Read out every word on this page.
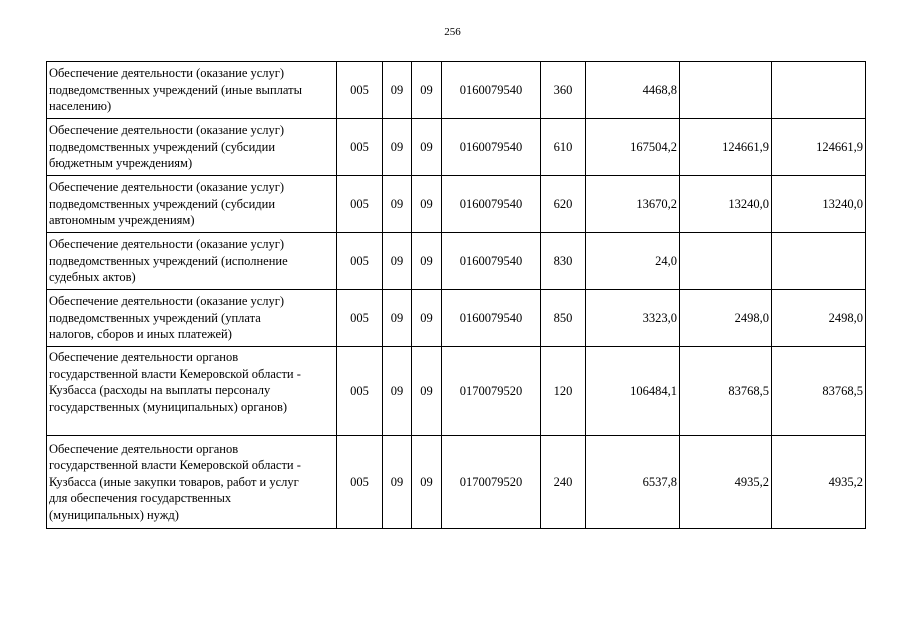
256
Обеспечение деятельности (оказание услуг)
подведомственных учреждений (иные выплаты
населению)	005	09	09	0160079540	360	4468,8		

Обеспечение деятельности (оказание услуг)
подведомственных учреждений (субсидии
бюджетным учреждениям)	005	09	09	0160079540	610	167504,2	124661,9	124661,9

Обеспечение деятельности (оказание услуг)
подведомственных учреждений (субсидии
автономным учреждениям)	005	09	09	0160079540	620	13670,2	13240,0	13240,0

Обеспечение деятельности (оказание услуг)
подведомственных учреждений (исполнение
судебных актов)	005	09	09	0160079540	830	24,0		

Обеспечение деятельности (оказание услуг)
подведомственных учреждений (уплата
налогов, сборов и иных платежей)	005	09	09	0160079540	850	3323,0	2498,0	2498,0

Обеспечение деятельности органов
государственной власти Кемеровской области -
Кузбасса (расходы на выплаты персоналу
государственных (муниципальных) органов)	005	09	09	0170079520	120	106484,1	83768,5	83768,5

Обеспечение деятельности органов
государственной власти Кемеровской области -
Кузбасса (иные закупки товаров, работ и услуг
для обеспечения государственных
(муниципальных) нужд)	005	09	09	0170079520	240	6537,8	4935,2	4935,2
